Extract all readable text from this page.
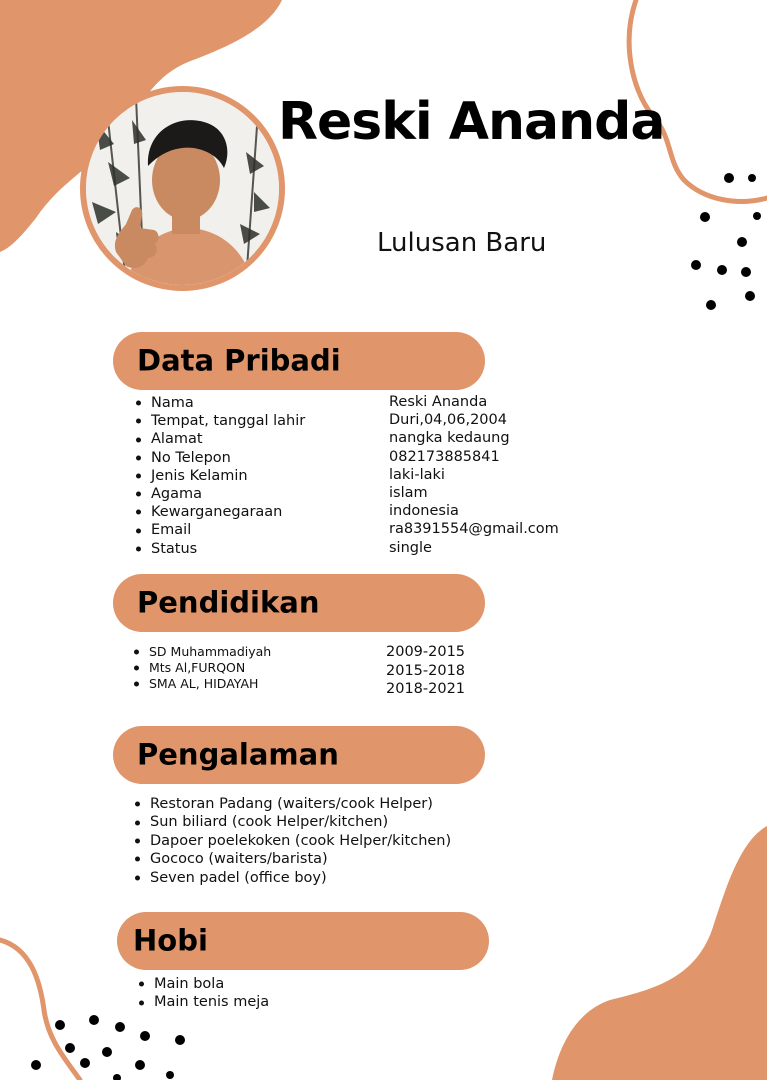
Reski Ananda
Lulusan Baru
Data Pribadi
Nama
Tempat, tanggal lahir
Alamat
No Telepon
Jenis Kelamin
Agama
Kewarganegaraan
Email
Status
Reski Ananda
Duri,04,06,2004
nangka kedaung
082173885841
laki-laki
islam
indonesia
ra8391554@gmail.com
single
Pendidikan
SD Muhammadiyah
Mts Al,FURQON
SMA AL, HIDAYAH
2009-2015
2015-2018
2018-2021
Pengalaman
Restoran Padang (waiters/cook Helper)
Sun biliard (cook Helper/kitchen)
Dapoer poelekoken (cook Helper/kitchen)
Gococo (waiters/barista)
Seven padel (office boy)
Hobi
Main bola
Main tenis meja
